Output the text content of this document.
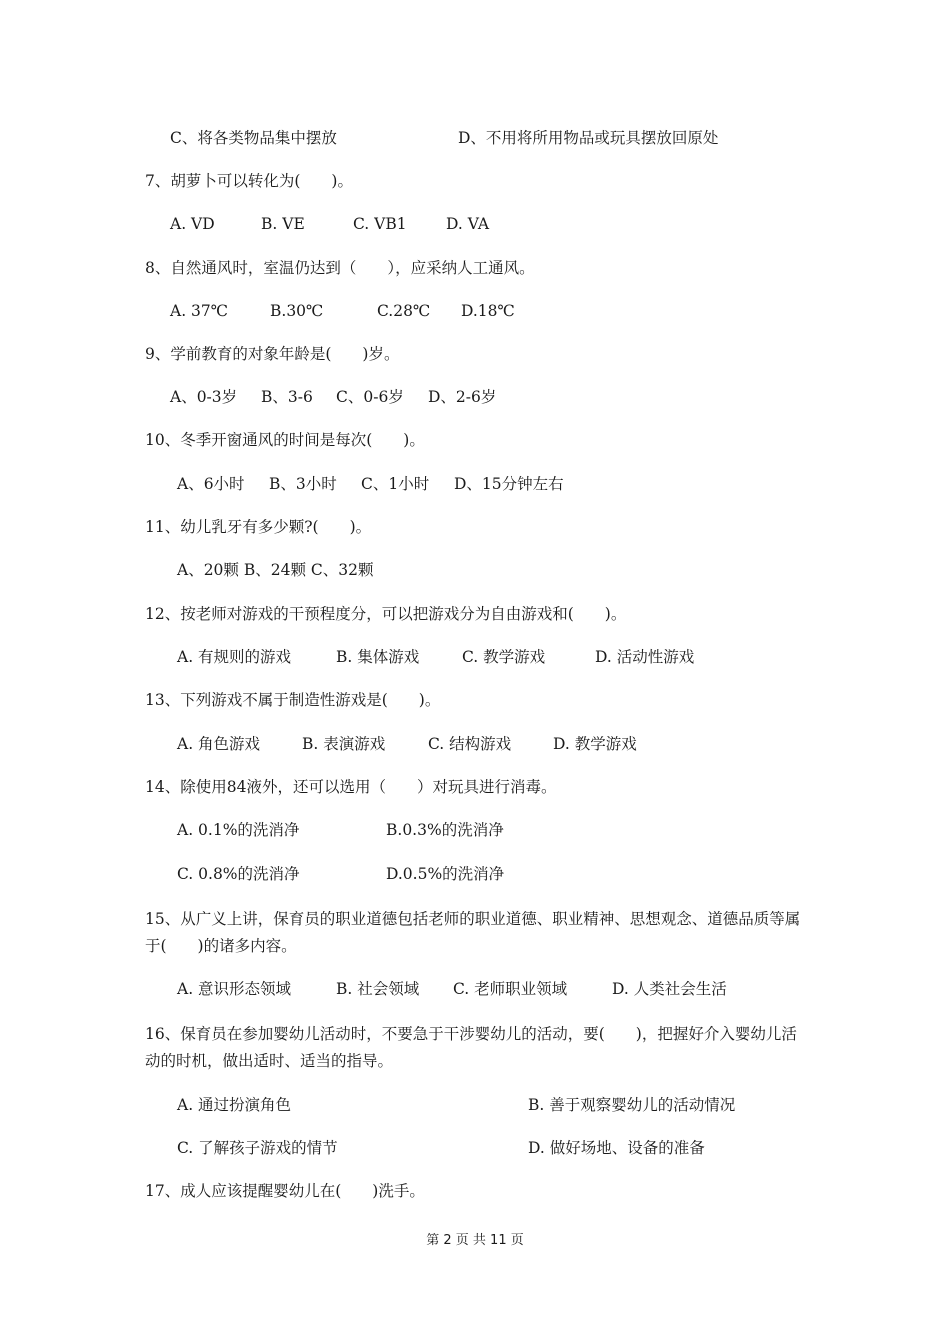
C、将各类物品集中摆放	D、不用将所用物品或玩具摆放回原处
7、胡萝卜可以转化为(　　)。
A. VD	B. VE	C. VB1	D. VA
8、自然通风时，室温仍达到（　　），应采纳人工通风。
A. 37℃	B.30℃	C.28℃ D.18℃
9、学前教育的对象年龄是(　　)岁。
A、0-3岁 B、3-6 C、0-6岁 D、2-6岁
10、冬季开窗通风的时间是每次(　　)。
A、6小时 B、3小时 C、1小时 D、15分钟左右
11、幼儿乳牙有多少颗?(　　)。
A、20颗 B、24颗 C、32颗
12、按老师对游戏的干预程度分，可以把游戏分为自由游戏和(　　)。
A. 有规则的游戏	B. 集体游戏	C. 教学游戏	D. 活动性游戏
13、下列游戏不属于制造性游戏是(　　)。
A. 角色游戏	B. 表演游戏	C. 结构游戏	D. 教学游戏
14、除使用84液外，还可以选用（　　）对玩具进行消毒。
A. 0.1%的洗消净	B.0.3%的洗消净
C. 0.8%的洗消净	D.0.5%的洗消净
15、从广义上讲，保育员的职业道德包括老师的职业道德、职业精神、思想观念、道德品质等属于(　　)的诸多内容。
A. 意识形态领域	B. 社会领域 C. 老师职业领域	D. 人类社会生活
16、保育员在参加婴幼儿活动时，不要急于干涉婴幼儿的活动，要(　　)，把握好介入婴幼儿活动的时机，做出适时、适当的指导。
A. 通过扮演角色	B. 善于观察婴幼儿的活动情况
C. 了解孩子游戏的情节	D. 做好场地、设备的准备
17、成人应该提醒婴幼儿在(　　)洗手。
第 2 页 共 11 页
